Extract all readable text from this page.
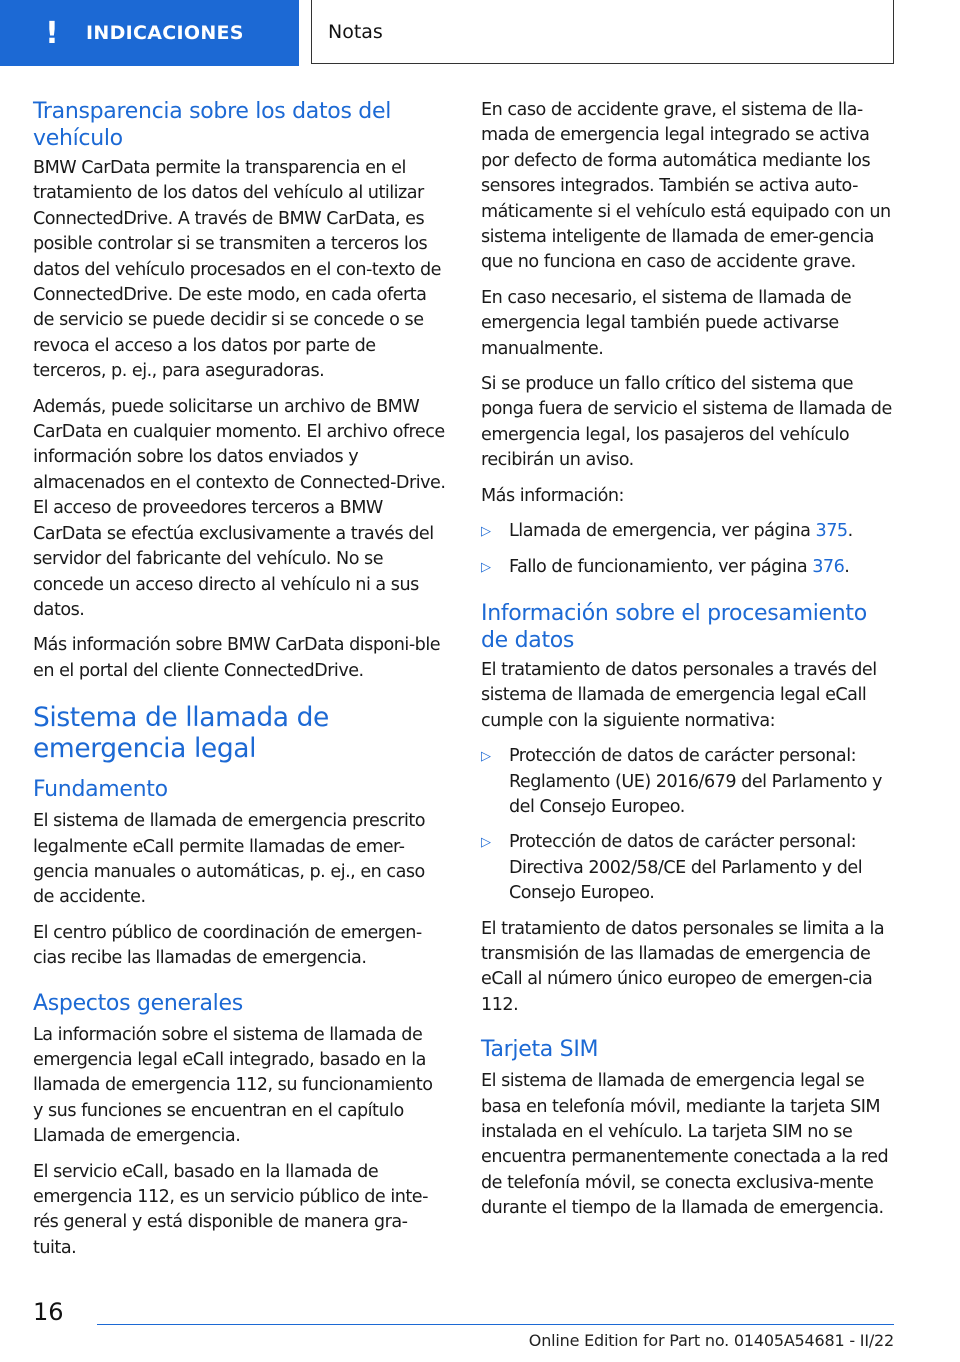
! INDICACIONES	Notas
Transparencia sobre los datos del vehículo

BMW CarData permite la transparencia en el tratamiento de los datos del vehículo al utilizar ConnectedDrive. A través de BMW CarData, es posible controlar si se transmiten a terceros los datos del vehículo procesados en el con-texto de ConnectedDrive. De este modo, en cada oferta de servicio se puede decidir si se concede o se revoca el acceso a los datos por parte de terceros, p. ej., para aseguradoras.

Además, puede solicitarse un archivo de BMW CarData en cualquier momento. El archivo ofrece información sobre los datos enviados y almacenados en el contexto de Connected-Drive. El acceso de proveedores terceros a BMW CarData se efectúa exclusivamente a través del servidor del fabricante del vehículo. No se concede un acceso directo al vehículo ni a sus datos.

Más información sobre BMW CarData disponi-ble en el portal del cliente ConnectedDrive.

Sistema de llamada de emergencia legal
Fundamento

El sistema de llamada de emergencia prescrito legalmente eCall permite llamadas de emer-gencia manuales o automáticas, p. ej., en caso de accidente.

El centro público de coordinación de emergen-cias recibe las llamadas de emergencia.

Aspectos generales

La información sobre el sistema de llamada de emergencia legal eCall integrado, basado en la llamada de emergencia 112, su funcionamiento y sus funciones se encuentran en el capítulo Llamada de emergencia.

El servicio eCall, basado en la llamada de emergencia 112, es un servicio público de inte-rés general y está disponible de manera gra-tuita.

En caso de accidente grave, el sistema de lla-mada de emergencia legal integrado se activa por defecto de forma automática mediante los sensores integrados. También se activa auto-máticamente si el vehículo está equipado con un sistema inteligente de llamada de emer-gencia que no funciona en caso de accidente grave.

En caso necesario, el sistema de llamada de emergencia legal también puede activarse manualmente.

Si se produce un fallo crítico del sistema que ponga fuera de servicio el sistema de llamada de emergencia legal, los pasajeros del vehículo recibirán un aviso.

Más información:

▷ Llamada de emergencia, ver página 375.
▷ Fallo de funcionamiento, ver página 376.
Información sobre el procesamiento de datos

El tratamiento de datos personales a través del sistema de llamada de emergencia legal eCall cumple con la siguiente normativa:

▷ Protección de datos de carácter personal: Reglamento (UE) 2016/679 del Parlamento y del Consejo Europeo.
▷ Protección de datos de carácter personal: Directiva 2002/58/CE del Parlamento y del Consejo Europeo.

El tratamiento de datos personales se limita a la transmisión de las llamadas de emergencia de eCall al número único europeo de emergen-cia 112.

Tarjeta SIM

El sistema de llamada de emergencia legal se basa en telefonía móvil, mediante la tarjeta SIM instalada en el vehículo. La tarjeta SIM no se encuentra permanentemente conectada a la red de telefonía móvil, se conecta exclusiva-mente durante el tiempo de la llamada de emergencia.

16
Online Edition for Part no. 01405A54681 - II/22
